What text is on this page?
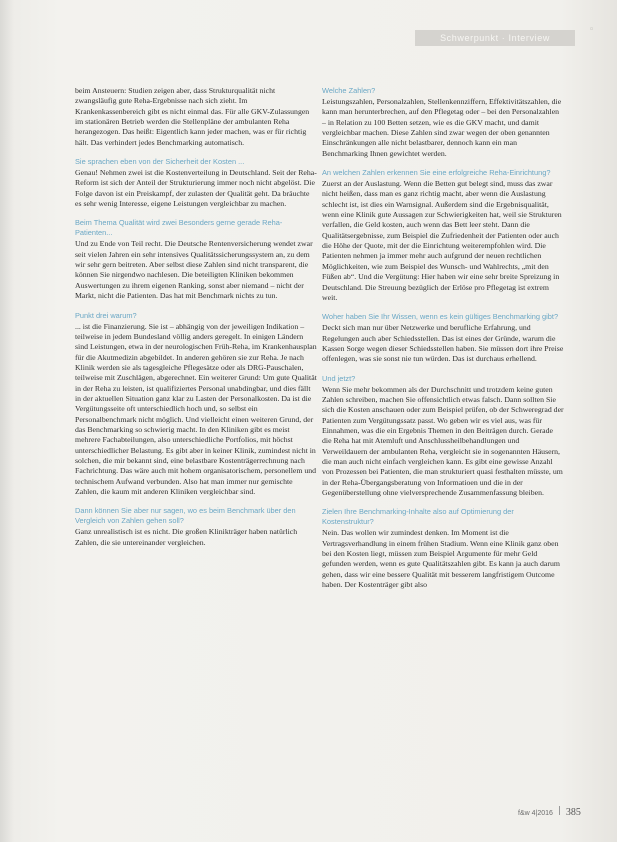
Schwerpunkt · Interview
◦

beim Ansteuern: Studien zeigen aber, dass Strukturqualität nicht zwangsläufig gute Reha-Ergebnisse nach sich zieht. Im Krankenkassenbereich gibt es nicht einmal das. Für alle GKV-Zulassungen im stationären Betrieb werden die Stellenpläne der ambulanten Reha herangezogen. Das heißt: Eigentlich kann jeder machen, was er für richtig hält. Das verhindert jedes Benchmarking automatisch.

Sie sprachen eben von der Sicherheit der Kosten ...

Genau! Nehmen zwei ist die Kostenverteilung in Deutschland. Seit der Reha-Reform ist sich der Anteil der Strukturierung immer noch nicht abgelöst. Die Folge davon ist ein Preiskampf, der zulasten der Qualität geht. Da bräuchte es sehr wenig Interesse, eigene Leistungen vergleichbar zu machen.

Beim Thema Qualität wird zwei Besonders gerne gerade Reha-Patienten...

Und zu Ende von Teil recht. Die Deutsche Rentenversicherung wendet zwar seit vielen Jahren ein sehr intensives Qualitätssicherungssystem an, zu dem wir sehr gern beitreten. Aber selbst diese Zahlen sind nicht transparent, die können Sie nirgendwo nachlesen. Die beteiligten Kliniken bekommen Auswertungen zu ihrem eigenen Ranking, sonst aber niemand – nicht der Markt, nicht die Patienten. Das hat mit Benchmark nichts zu tun.

Punkt drei warum?

... ist die Finanzierung. Sie ist – abhängig von der jeweiligen Indikation – teilweise in jedem Bundesland völlig anders geregelt. In einigen Ländern sind Leistungen, etwa in der neurologischen Früh-Reha, im Krankenhausplan für die Akutmedizin abgebildet. In anderen gehören sie zur Reha. Je nach Klinik werden sie als tagesgleiche Pflegesätze oder als DRG-Pauschalen, teilweise mit Zuschlägen, abgerechnet. Ein weiterer Grund: Um gute Qualität in der Reha zu leisten, ist qualifiziertes Personal unabdingbar, und dies fällt in der aktuellen Situation ganz klar zu Lasten der Personalkosten. Da ist die Vergütungsseite oft unterschiedlich hoch und, so selbst ein Personalbenchmark nicht möglich. Und vielleicht einen weiteren Grund, der das Benchmarking so schwierig macht. In den Kliniken gibt es meist mehrere Fachabteilungen, also unterschiedliche Portfolios, mit höchst unterschiedlicher Belastung. Es gibt aber in keiner Klinik, zumindest nicht in solchen, die mir bekannt sind, eine belastbare Kostenträgerrechnung nach Fachrichtung. Das wäre auch mit hohem organisatorischem, personellem und technischem Aufwand verbunden. Also hat man immer nur gemischte Zahlen, die kaum mit anderen Kliniken vergleichbar sind.

Dann können Sie aber nur sagen, wo es beim Benchmark über den Vergleich von Zahlen gehen soll?

Ganz unrealistisch ist es nicht. Die großen Klinikträger haben natürlich Zahlen, die sie untereinander vergleichen.

Welche Zahlen?

Leistungszahlen, Personalzahlen, Stellenkennziffern, Effektivitätszahlen, die kann man herunterbrechen, auf den Pflegetag oder – bei den Personalzahlen – in Relation zu 100 Betten setzen, wie es die GKV macht, und damit vergleichbar machen. Diese Zahlen sind zwar wegen der oben genannten Einschränkungen alle nicht belastbarer, dennoch kann ein man Benchmarking Ihnen gewichtet werden.

An welchen Zahlen erkennen Sie eine erfolgreiche Reha-Einrichtung?

Zuerst an der Auslastung. Wenn die Betten gut belegt sind, muss das zwar nicht heißen, dass man es ganz richtig macht, aber wenn die Auslastung schlecht ist, ist dies ein Warnsignal. Außerdem sind die Ergebnisqualität, wenn eine Klinik gute Aussagen zur Schwierigkeiten hat, weil sie Strukturen verfallen, die Geld kosten, auch wenn das Bett leer steht. Dann die Qualitätsergebnisse, zum Beispiel die Zufriedenheit der Patienten oder auch die Höhe der Quote, mit der die Einrichtung weiterempfohlen wird. Die Patienten nehmen ja immer mehr auch aufgrund der neuen rechtlichen Möglichkeiten, wie zum Beispiel des Wunsch- und Wahlrechts, „mit den Füßen ab“. Und die Vergütung: Hier haben wir eine sehr breite Spreizung in Deutschland. Die Streuung bezüglich der Erlöse pro Pflegetag ist extrem weit.

Woher haben Sie Ihr Wissen, wenn es kein gültiges Benchmarking gibt?

Deckt sich man nur über Netzwerke und berufliche Erfahrung, und Regelungen auch aber Schiedsstellen. Das ist eines der Gründe, warum die Kassen Sorge wegen dieser Schiedsstellen haben. Sie müssen dort ihre Preise offenlegen, was sie sonst nie tun würden. Das ist durchaus erhellend.

Und jetzt?

Wenn Sie mehr bekommen als der Durchschnitt und trotzdem keine guten Zahlen schreiben, machen Sie offensichtlich etwas falsch. Dann sollten Sie sich die Kosten anschauen oder zum Beispiel prüfen, ob der Schweregrad der Patienten zum Vergütungssatz passt. Wo geben wir es viel aus, was für Einnahmen, was die ein Ergebnis Themen in den Beiträgen durch. Gerade die Reha hat mit Atemluft und Anschlussheilbehandlungen und Verweildauern der ambulanten Reha, vergleicht sie in sogenannten Häusern, die man auch nicht einfach vergleichen kann. Es gibt eine gewisse Anzahl von Prozessen bei Patienten, die man strukturiert quasi festhalten müsste, um in der Reha-Übergangsberatung von Informatioen und die in der Gegenüberstellung ohne vielversprechende Zusammenfassung bleiben.

Zielen Ihre Benchmarking-Inhalte also auf Optimierung der Kostenstruktur?

Nein. Das wollen wir zumindest denken. Im Moment ist die Vertragsverhandlung in einem frühen Stadium. Wenn eine Klinik ganz oben bei den Kosten liegt, müssen zum Beispiel Argumente für mehr Geld gefunden werden, wenn es gute Qualitätszahlen gibt. Es kann ja auch darum gehen, dass wir eine bessere Qualität mit besserem langfristigem Outcome haben. Der Kostenträger gibt also

f&w 4|2016 385
